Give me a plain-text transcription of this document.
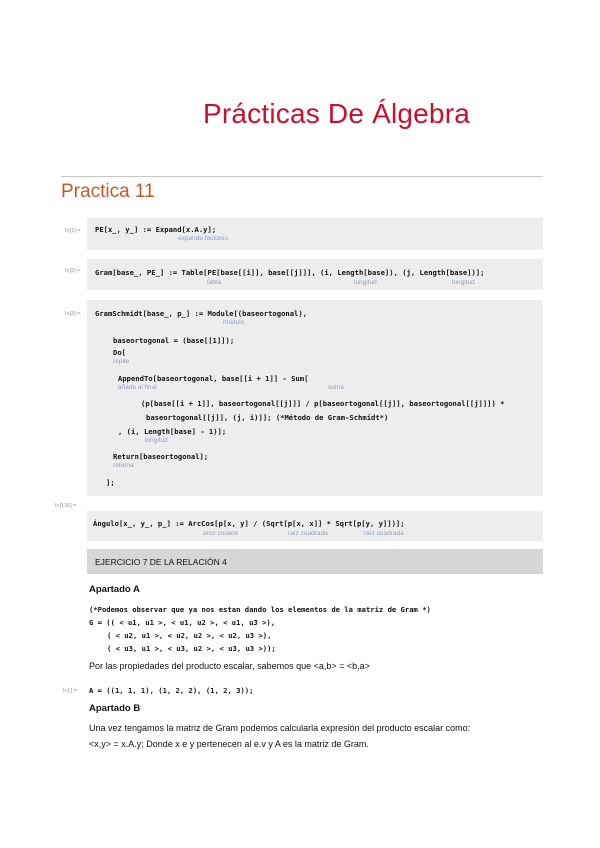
Prácticas De Álgebra
Practica 11
In[1]:= PE[x_, y_] := Expand[x.A.y];
expande factores
In[2]:= Gram[base_, PE_] := Table[PE[base[[i]], base[[j]]], (i, Length[base]), (j, Length[base])];
tabla	longitud	longitud
In[3]:= GramSchmidt[base_, p_] := Module[(baseortogonal),
módulo
baseortogonal = (base[[1]]);
Do[
repite
AppendTo[baseortogonal, base[[i + 1]] - Sum[
añade al final	suma
(p[base[[i + 1]], baseortogonal[[j]]] / p[baseortogonal[[j]], baseortogonal[[j]]]) *
baseortogonal[[j]], (j, i)]]; (*Método de Gram-Schmidt*)
, (i, Length[base] - 1)];
longitud
Return[baseortogonal];
retorna
];
In[136]:=
Ángulo[x_, y_, p_] := ArcCos[p[x, y] / (Sqrt[p[x, x]] * Sqrt[p[y, y]])];
arco coseno	raíz cuadrada	raíz cuadrada
EJERCICIO 7 DE LA RELACIÓN 4
Apartado A
(*Podemos observar que ya nos estan dando los elementos de la matriz de Gram *)
G = (( < u1, u1 >, < u1, u2 >, < u1, u3 >),
( < u2, u1 >, < u2, u2 >, < u2, u3 >),
( < u3, u1 >, < u3, u2 >, < u3, u3 >));
Por las propiedades del producto escalar, sabemos que <a,b> = <b,a>
In[ ]:= A = ((1, 1, 1), (1, 2, 2), (1, 2, 3));
Apartado B
Una vez tengamos la matriz de Gram podemos calcularla expresión del producto escalar como:
<x,y> = x.A.y; Donde x e y pertenecen al e.v y A es la matriz de Gram.
